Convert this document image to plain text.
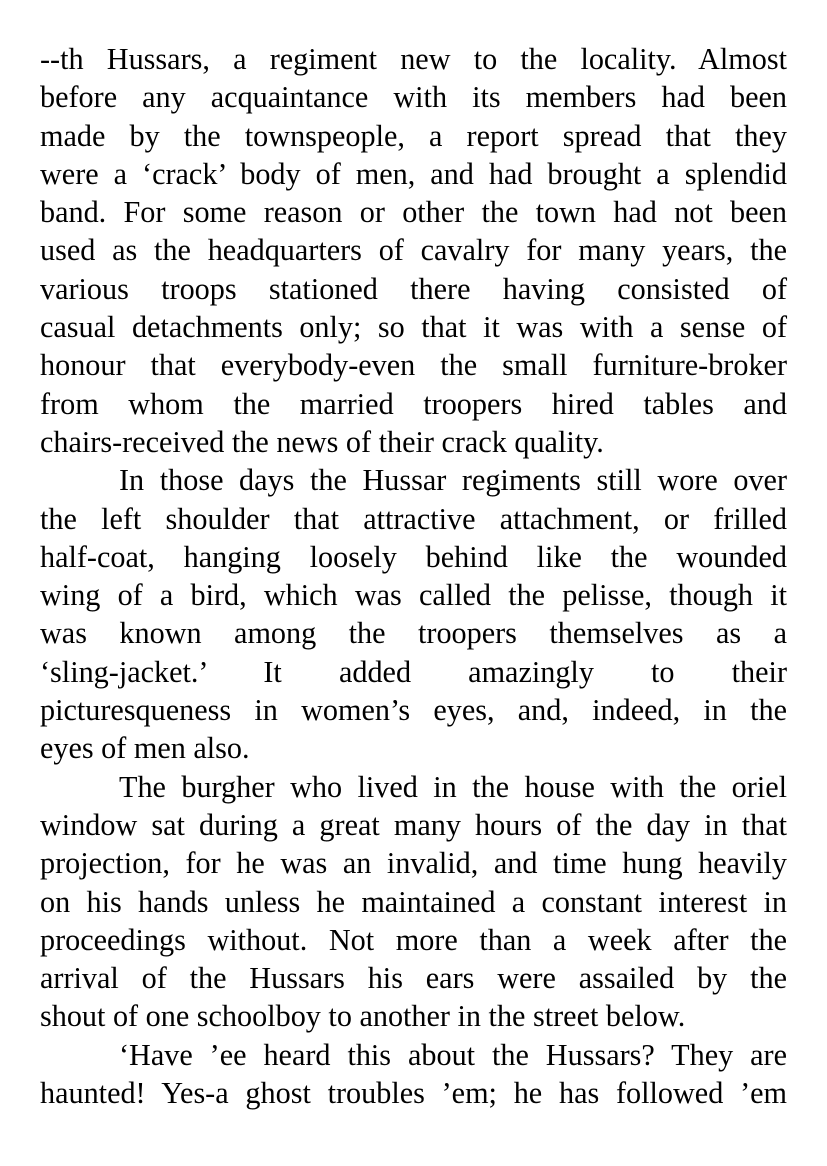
--th Hussars, a regiment new to the locality. Almost
before any acquaintance with its members had been
made by the townspeople, a report spread that they
were a ‘crack’ body of men, and had brought a splendid
band. For some reason or other the town had not been
used as the headquarters of cavalry for many years, the
various troops stationed there having consisted of
casual detachments only; so that it was with a sense of
honour that everybody-even the small furniture-broker
from whom the married troopers hired tables and
chairs-received the news of their crack quality.
In those days the Hussar regiments still wore over
the left shoulder that attractive attachment, or frilled
half-coat, hanging loosely behind like the wounded
wing of a bird, which was called the pelisse, though it
was known among the troopers themselves as a
‘sling-jacket.’ It added amazingly to their
picturesqueness in women’s eyes, and, indeed, in the
eyes of men also.
The burgher who lived in the house with the oriel
window sat during a great many hours of the day in that
projection, for he was an invalid, and time hung heavily
on his hands unless he maintained a constant interest in
proceedings without. Not more than a week after the
arrival of the Hussars his ears were assailed by the
shout of one schoolboy to another in the street below.
‘Have ’ee heard this about the Hussars? They are
haunted! Yes-a ghost troubles ’em; he has followed ’em
